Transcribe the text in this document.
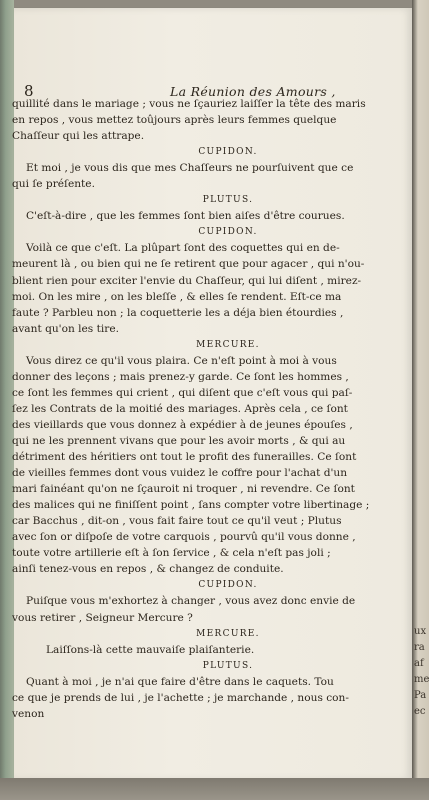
8	La Réunion des Amours ,
quillité dans le mariage ; vous ne ſçauriez laiſſer la tête des maris
en repos , vous mettez toûjours après leurs femmes quelque
Chaſſeur qui les attrape.
CUPIDON.
Et moi , je vous dis que mes Chaſſeurs ne pourſuivent que ce
qui ſe préſente.
PLUTUS.
C'eſt-à-dire , que les femmes ſont bien aiſes d'être courues.
CUPIDON.
Voilà ce que c'eſt. La plûpart ſont des coquettes qui en de-
meurent là , ou bien qui ne ſe retirent que pour agacer , qui n'ou-
blient rien pour exciter l'envie du Chaſſeur, qui lui diſent , mirez-
moi. On les mire , on les bleſſe , & elles ſe rendent. Eſt-ce ma
faute ? Parbleu non ; la coquetterie les a déja bien étourdies ,
avant qu'on les tire.
MERCURE.
Vous direz ce qu'il vous plaira. Ce n'eſt point à moi à vous
donner des leçons ; mais prenez-y garde. Ce ſont les hommes ,
ce ſont les femmes qui crient , qui diſent que c'eſt vous qui paſ-
ſez les Contrats de la moitié des mariages. Après cela , ce ſont
des vieillards que vous donnez à expédier à de jeunes épouſes ,
qui ne les prennent vivans que pour les avoir morts , & qui au
détriment des héritiers ont tout le profit des funerailles. Ce ſont
de vieilles femmes dont vous vuidez le coffre pour l'achat d'un
mari fainéant qu'on ne ſçauroit ni troquer , ni revendre. Ce ſont
des malices qui ne finiſſent point , ſans compter votre libertinage ;
car Bacchus , dit-on , vous fait faire tout ce qu'il veut ; Plutus
avec ſon or diſpoſe de votre carquois , pourvû qu'il vous donne ,
toute votre artillerie eſt à ſon ſervice , & cela n'eſt pas joli ;
ainſi tenez-vous en repos , & changez de conduite.
CUPIDON.
Puiſque vous m'exhortez à changer , vous avez donc envie de
vous retirer , Seigneur Mercure ?
MERCURE.
Laiſſons-là cette mauvaiſe plaiſanterie.
PLUTUS.
Quant à moi , je n'ai que faire d'être dans le caquets. Tou
ce que je prends de lui , je l'achette ; je marchande , nous con-
venon
ux
ra
af
me
ec
Pa
